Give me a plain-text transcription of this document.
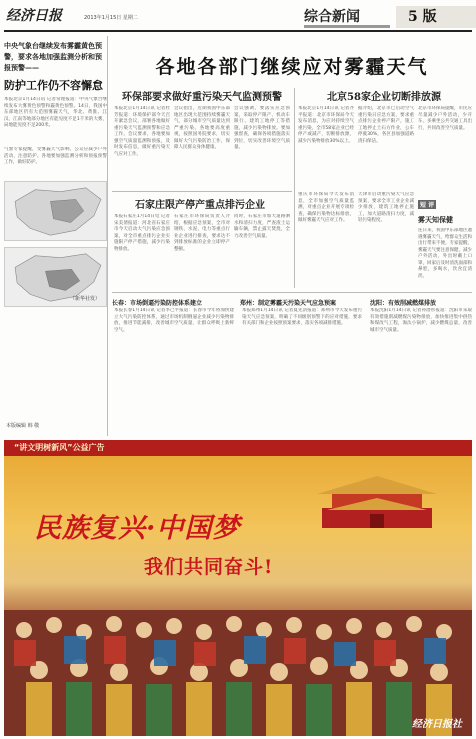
经济日报	2013年1月15日 星期二	综合新闻	5 版
中央气象台继续发布雾霾黄色预警，要求各地加强监测分析和预报预警——
防护工作仍不容懈怠
本报北京1月14日讯 记者常理报道：中央气象台继续发布大雾黄色预警和霾黄色预警。14日，我国中东部地区仍有大范围雾霾天气，华北、黄淮、江汉、江南等地部分地区有能见度不足1千米的大雾，局地能见度不足200米。
气象专家提醒，受雾霾天气影响，公众应减少户外活动，注意防护。各地要加强监测分析和预报预警工作，做好防护。
（新华社发）
本版编辑 韩 敬
各地各部门继续应对雾霾天气
环保部要求做好重污染天气监测预警	北京58家企业切断排放源
本报北京1月14日讯 记者杜芳报道：环境保护部今天召开紧急会议，部署各地做好重污染天气监测预警和应急工作。会议要求，各地要加强空气质量监测和预报，及时发布信息，做好重污染天气应对工作。
会议指出，近期我国中东部地区出现大范围持续雾霾天气，部分城市空气质量达到严重污染。各地要高度重视，按照国务院要求，切实做好大气污染防治工作，保障人民群众身体健康。
会议强调，要落实应急预案，采取停产限产、机动车限行、建筑工地停工等措施，减少污染物排放。要加强督查，确保各项措施落实到位，切实改善环境空气质量。
本报北京1月14日讯 记者齐平报道：北京市环保局今天发布消息，为应对持续空气重污染，全市58家企业已经停产或减产，切断排放源，减少污染物排放30%以上。
据介绍，北京市已启动空气重污染日应急方案，要求重点排污企业停产限产，施工工地停止土石方作业，公车停驶30%，各区县加强道路清扫保洁。
北京市环保局提醒，市民应尽量减少户外活动，少开车、多乘坐公共交通工具出行，共同改善空气质量。
石家庄限产停产重点排污企业
本报石家庄1月14日电 记者宋美倩报道：河北省石家庄市今天启动大气污染应急预案，对全市重点排污企业实施限产停产措施，减少污染物排放。
石家庄市环保局负责人介绍，根据应急预案，全市对钢铁、水泥、电力等重点行业企业进行排查，要求达不到排放标准的企业立即停产整顿。
同时，石家庄市加大道路洒水和清扫力度，严查渣土运输车辆，禁止露天焚烧，全力改善空气质量。
重庆市环保局今天发布消息，全市加强空气质量监测，对重点企业开展专项检查，确保污染物达标排放，做好雾霾天气应对工作。
天津市启动重污染天气应急预案，要求全市工业企业减少排放，建筑工地停止施工，加大道路清扫力度，减轻污染程度。
短 评
雾天知保健
连日来，我国中东部地区遭遇雾霾天气，给群众生活和出行带来不便。专家提醒，雾霾天气要注意保健，减少户外活动，外出时戴上口罩，回家后及时清洗面部和鼻腔，多喝水，饮食宜清淡。
长春：市场倒逼污染防控体系建立	郑州：制定雾霾天污染天气应急预案	沈阳：有效削减燃煤排放
本报长春1月14日讯 记者李己平报道：长春市今年将加快建立大气污染防控体系，通过市场机制倒逼企业减少污染物排放，推进节能减排，改善城市空气质量，让群众呼吸上新鲜空气。
本报郑州1月14日讯 记者夏先清报道：郑州市今天发布重污染天气应急预案，明确了不同级别预警下的应对措施，要求有关部门和企业按照预案要求，落实各项减排措施。
本报沈阳1月14日讯 记者孙潜彤报道：沈阳市采取有效措施削减燃煤污染物排放，加快推进集中供热和煤改气工程，淘汰小锅炉，减少燃煤总量，改善城市空气质量。
“讲文明树新风”公益广告
民族复兴·中国梦
我们共同奋斗!
经济日报社
